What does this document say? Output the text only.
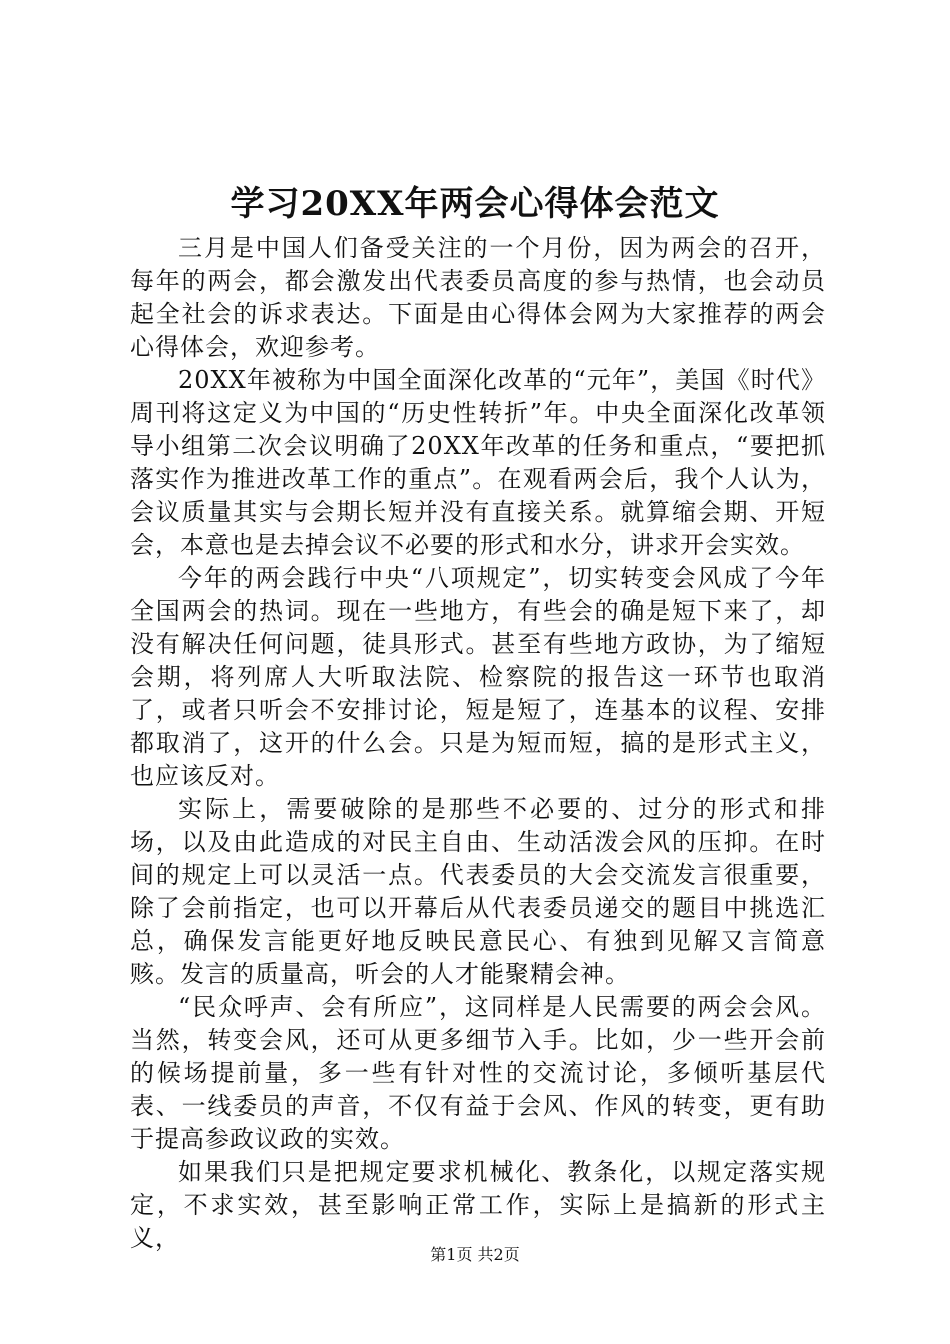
学习20XX年两会心得体会范文

三月是中国人们备受关注的一个月份，因为两会的召开，每年的两会，都会激发出代表委员高度的参与热情，也会动员起全社会的诉求表达。下面是由心得体会网为大家推荐的两会心得体会，欢迎参考。

20XX年被称为中国全面深化改革的“元年”，美国《时代》周刊将这定义为中国的“历史性转折”年。中央全面深化改革领导小组第二次会议明确了20XX年改革的任务和重点，“要把抓落实作为推进改革工作的重点”。在观看两会后，我个人认为，会议质量其实与会期长短并没有直接关系。就算缩会期、开短会，本意也是去掉会议不必要的形式和水分，讲求开会实效。

今年的两会践行中央“八项规定”，切实转变会风成了今年全国两会的热词。现在一些地方，有些会的确是短下来了，却没有解决任何问题，徒具形式。甚至有些地方政协，为了缩短会期，将列席人大听取法院、检察院的报告这一环节也取消了，或者只听会不安排讨论，短是短了，连基本的议程、安排都取消了，这开的什么会。只是为短而短，搞的是形式主义，也应该反对。

实际上，需要破除的是那些不必要的、过分的形式和排场，以及由此造成的对民主自由、生动活泼会风的压抑。在时间的规定上可以灵活一点。代表委员的大会交流发言很重要，除了会前指定，也可以开幕后从代表委员递交的题目中挑选汇总，确保发言能更好地反映民意民心、有独到见解又言简意赅。发言的质量高，听会的人才能聚精会神。

“民众呼声、会有所应”，这同样是人民需要的两会会风。当然，转变会风，还可从更多细节入手。比如，少一些开会前的候场提前量，多一些有针对性的交流讨论，多倾听基层代表、一线委员的声音，不仅有益于会风、作风的转变，更有助于提高参政议政的实效。

如果我们只是把规定要求机械化、教条化，以规定落实规定，不求实效，甚至影响正常工作，实际上是搞新的形式主义，

第1页 共2页
